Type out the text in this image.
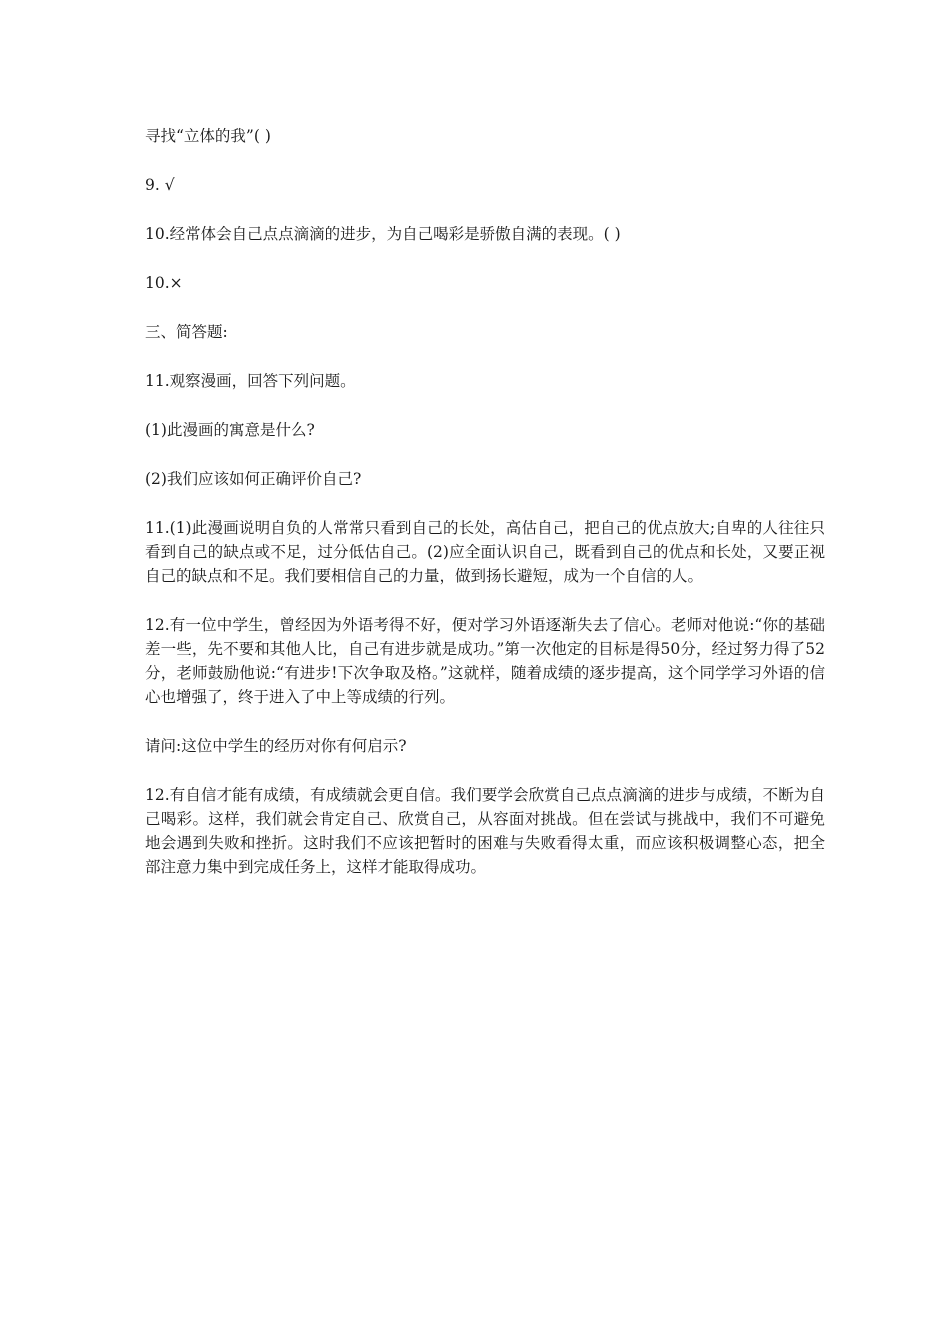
寻找“立体的我”( )

9. √

10.经常体会自己点点滴滴的进步，为自己喝彩是骄傲自满的表现。( )

10.×

三、简答题:

11.观察漫画，回答下列问题。

(1)此漫画的寓意是什么?

(2)我们应该如何正确评价自己?

11.(1)此漫画说明自负的人常常只看到自己的长处，高估自己，把自己的优点放大;自卑的人往往只看到自己的缺点或不足，过分低估自己。(2)应全面认识自己，既看到自己的优点和长处，又要正视自己的缺点和不足。我们要相信自己的力量，做到扬长避短，成为一个自信的人。

12.有一位中学生，曾经因为外语考得不好，便对学习外语逐渐失去了信心。老师对他说:“你的基础差一些，先不要和其他人比，自己有进步就是成功。”第一次他定的目标是得50分，经过努力得了52分，老师鼓励他说:“有进步!下次争取及格。”这就样，随着成绩的逐步提高，这个同学学习外语的信心也增强了，终于进入了中上等成绩的行列。

请问:这位中学生的经历对你有何启示?

12.有自信才能有成绩，有成绩就会更自信。我们要学会欣赏自己点点滴滴的进步与成绩，不断为自己喝彩。这样，我们就会肯定自己、欣赏自己，从容面对挑战。但在尝试与挑战中，我们不可避免地会遇到失败和挫折。这时我们不应该把暂时的困难与失败看得太重，而应该积极调整心态，把全部注意力集中到完成任务上，这样才能取得成功。
